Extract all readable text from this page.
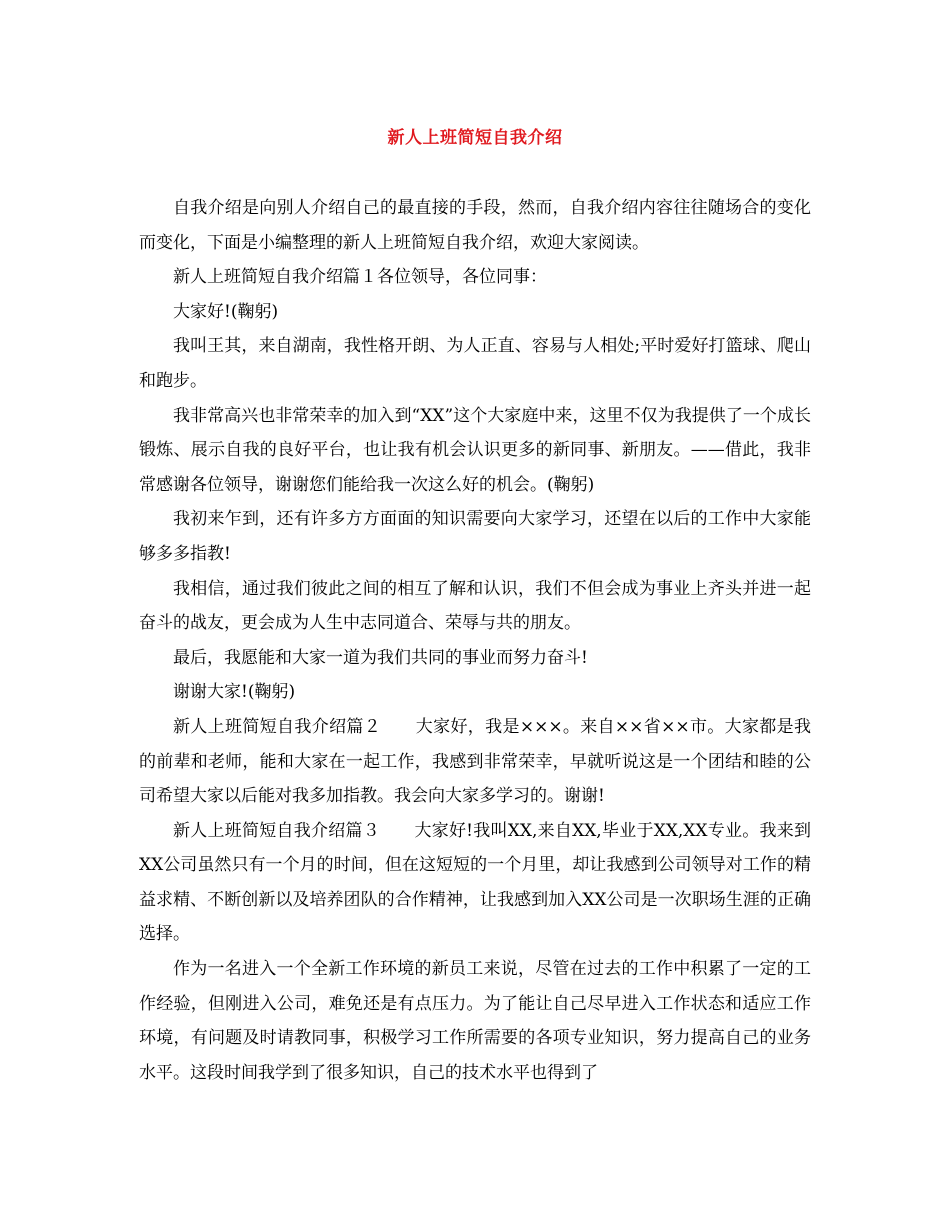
新人上班简短自我介绍

自我介绍是向别人介绍自己的最直接的手段，然而，自我介绍内容往往随场合的变化而变化，下面是小编整理的新人上班简短自我介绍，欢迎大家阅读。

新人上班简短自我介绍篇１各位领导，各位同事：

大家好!(鞠躬)

我叫王其，来自湖南，我性格开朗、为人正直、容易与人相处;平时爱好打篮球、爬山和跑步。

我非常高兴也非常荣幸的加入到“XX”这个大家庭中来，这里不仅为我提供了一个成长锻炼、展示自我的良好平台，也让我有机会认识更多的新同事、新朋友。——借此，我非常感谢各位领导，谢谢您们能给我一次这么好的机会。(鞠躬)

我初来乍到，还有许多方方面面的知识需要向大家学习，还望在以后的工作中大家能够多多指教!

我相信，通过我们彼此之间的相互了解和认识，我们不但会成为事业上齐头并进一起奋斗的战友，更会成为人生中志同道合、荣辱与共的朋友。

最后，我愿能和大家一道为我们共同的事业而努力奋斗!

谢谢大家!(鞠躬)

新人上班简短自我介绍篇２　　大家好，我是×××。来自××省××市。大家都是我的前辈和老师，能和大家在一起工作，我感到非常荣幸，早就听说这是一个团结和睦的公司希望大家以后能对我多加指教。我会向大家多学习的。谢谢!

新人上班简短自我介绍篇３　　大家好!我叫XX,来自XX,毕业于XX,XX专业。我来到XX公司虽然只有一个月的时间，但在这短短的一个月里，却让我感到公司领导对工作的精益求精、不断创新以及培养团队的合作精神，让我感到加入XX公司是一次职场生涯的正确选择。

作为一名进入一个全新工作环境的新员工来说，尽管在过去的工作中积累了一定的工作经验，但刚进入公司，难免还是有点压力。为了能让自己尽早进入工作状态和适应工作环境，有问题及时请教同事，积极学习工作所需要的各项专业知识，努力提高自己的业务水平。这段时间我学到了很多知识，自己的技术水平也得到了
